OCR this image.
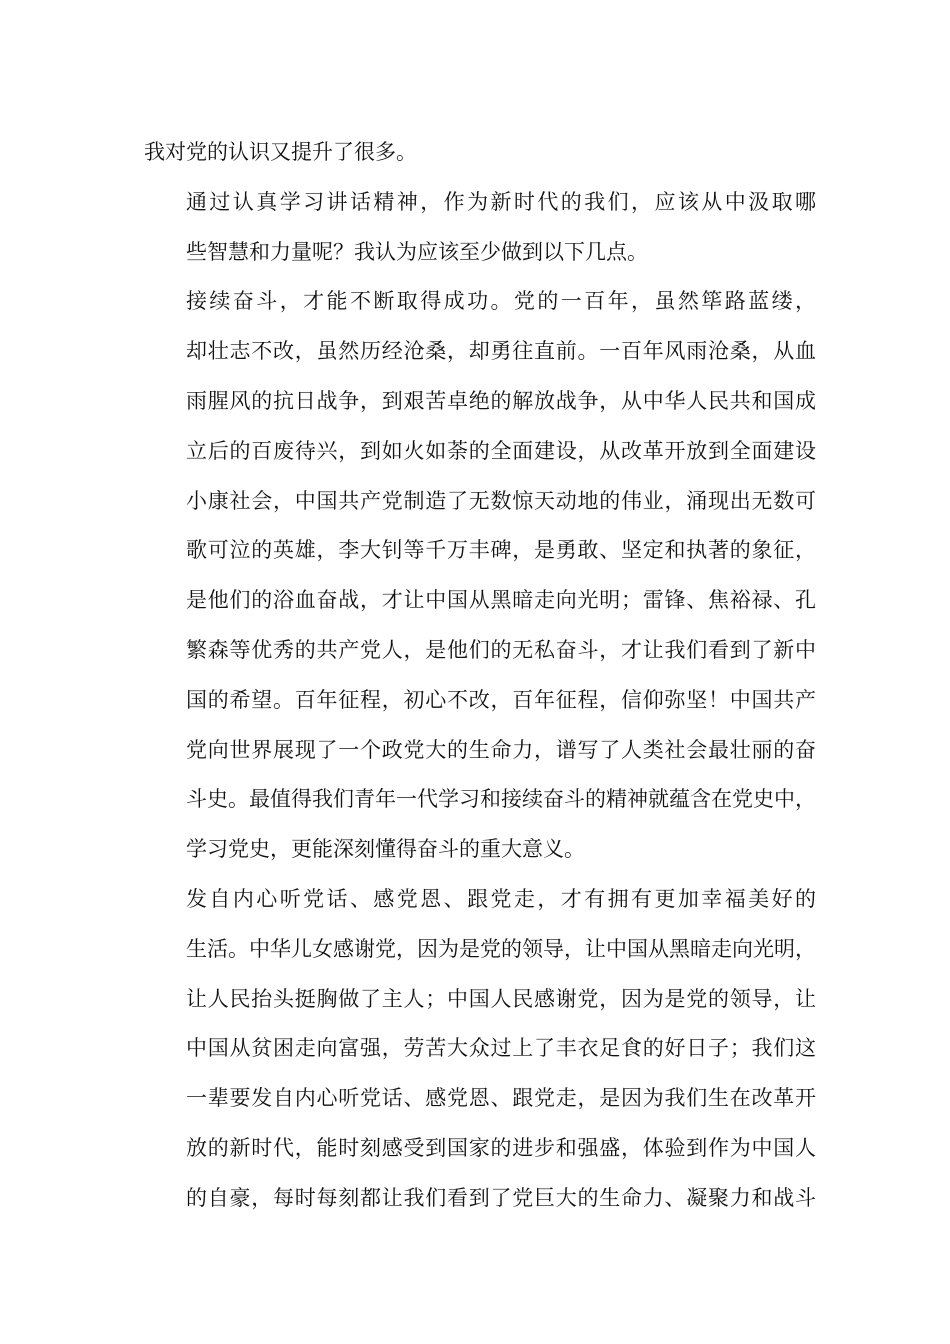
我对党的认识又提升了很多。

通过认真学习讲话精神，作为新时代的我们，应该从中汲取哪
些智慧和力量呢？我认为应该至少做到以下几点。

接续奋斗，才能不断取得成功。党的一百年，虽然筚路蓝缕，
却壮志不改，虽然历经沧桑，却勇往直前。一百年风雨沧桑，从血
雨腥风的抗日战争，到艰苦卓绝的解放战争，从中华人民共和国成
立后的百废待兴，到如火如荼的全面建设，从改革开放到全面建设
小康社会，中国共产党制造了无数惊天动地的伟业，涌现出无数可
歌可泣的英雄，李大钊等千万丰碑，是勇敢、坚定和执著的象征，
是他们的浴血奋战，才让中国从黑暗走向光明；雷锋、焦裕禄、孔
繁森等优秀的共产党人，是他们的无私奋斗，才让我们看到了新中
国的希望。百年征程，初心不改，百年征程，信仰弥坚！中国共产
党向世界展现了一个政党大的生命力，谱写了人类社会最壮丽的奋
斗史。最值得我们青年一代学习和接续奋斗的精神就蕴含在党史中，
学习党史，更能深刻懂得奋斗的重大意义。

发自内心听党话、感党恩、跟党走，才有拥有更加幸福美好的
生活。中华儿女感谢党，因为是党的领导，让中国从黑暗走向光明，
让人民抬头挺胸做了主人；中国人民感谢党，因为是党的领导，让
中国从贫困走向富强，劳苦大众过上了丰衣足食的好日子；我们这
一辈要发自内心听党话、感党恩、跟党走，是因为我们生在改革开
放的新时代，能时刻感受到国家的进步和强盛，体验到作为中国人
的自豪，每时每刻都让我们看到了党巨大的生命力、凝聚力和战斗
